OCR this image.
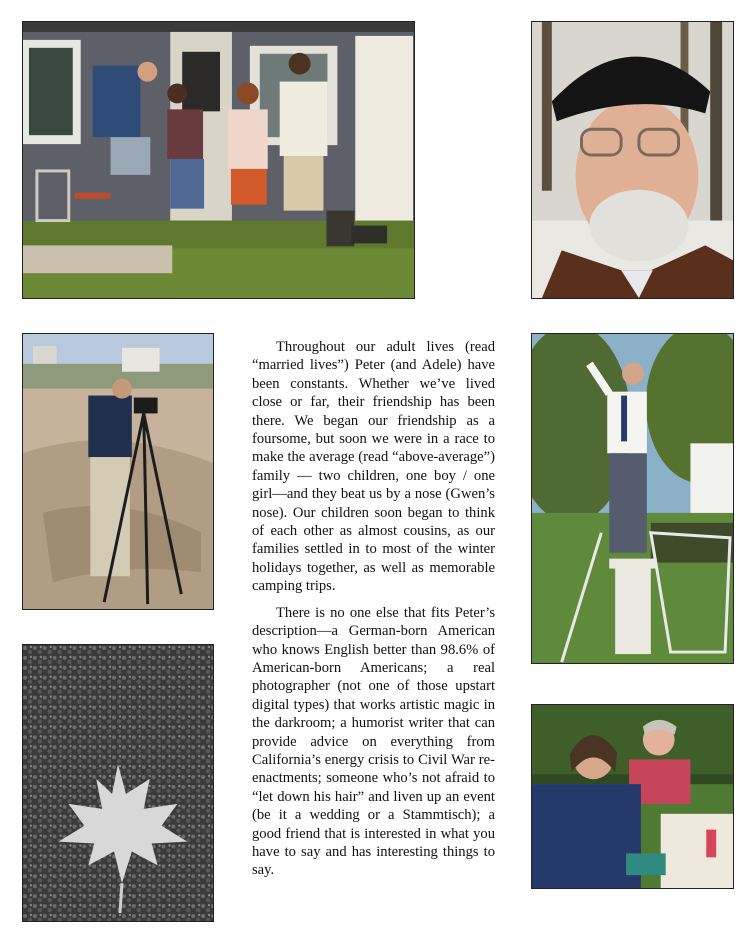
Throughout our adult lives (read “married lives”) Peter (and Adele) have been constants. Whether we’ve lived close or far, their friendship has been there. We began our friendship as a foursome, but soon we were in a race to make the average (read “above-average”) family — two children, one boy / one girl—and they beat us by a nose (Gwen’s nose). Our children soon began to think of each other as almost cousins, as our families settled in to most of the winter holidays together, as well as memorable camping trips.

There is no one else that fits Peter’s description—a German-born American who knows English better than 98.6% of American-born Americans; a real photographer (not one of those upstart digital types) that works artistic magic in the darkroom; a humorist writer that can provide advice on everything from California’s energy crisis to Civil War re-enactments; someone who’s not afraid to “let down his hair” and liven up an event (be it a wedding or a Stammtisch); a good friend that is interested in what you have to say and has interesting things to say.
